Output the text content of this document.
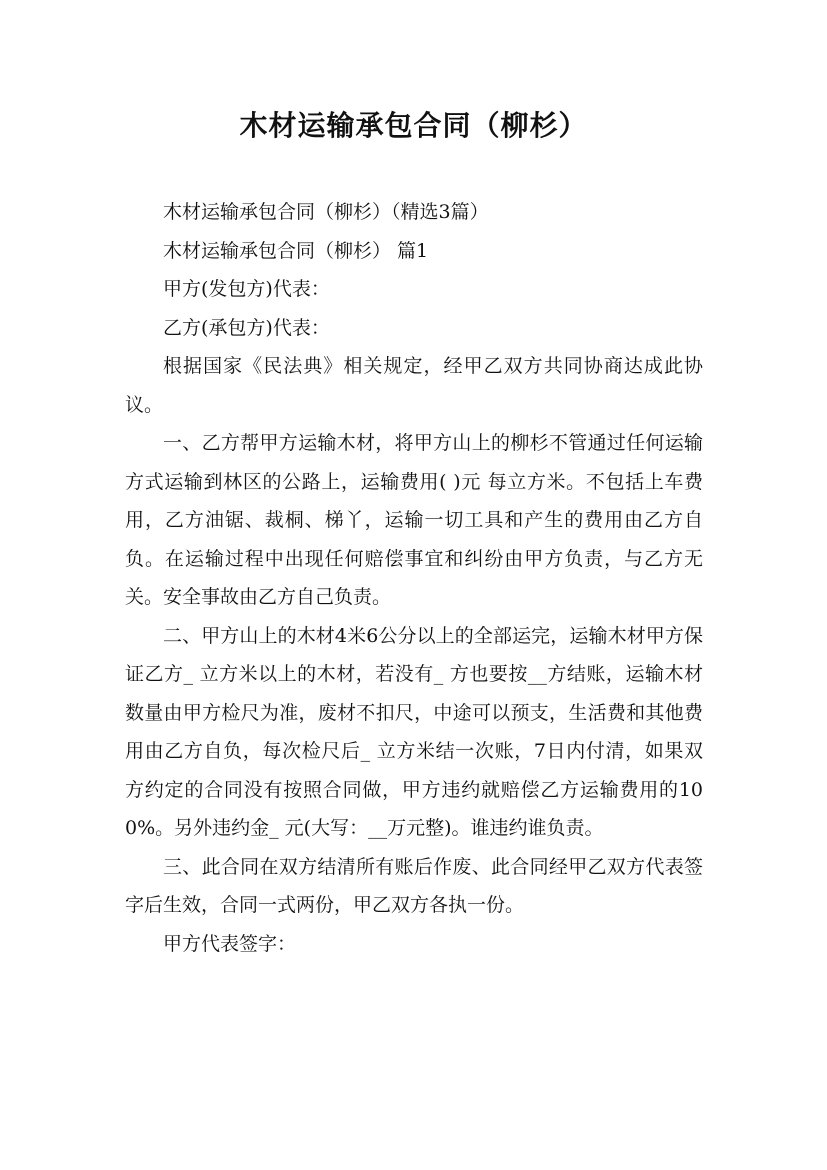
木材运输承包合同（柳杉）

木材运输承包合同（柳杉）（精选3篇）

木材运输承包合同（柳杉） 篇1

甲方(发包方)代表：

乙方(承包方)代表：

根据国家《民法典》相关规定，经甲乙双方共同协商达成此协议。

一、乙方帮甲方运输木材，将甲方山上的柳杉不管通过任何运输方式运输到林区的公路上，运输费用( )元 每立方米。不包括上车费用，乙方油锯、裁桐、梯丫，运输一切工具和产生的费用由乙方自负。在运输过程中出现任何赔偿事宜和纠纷由甲方负责，与乙方无关。安全事故由乙方自己负责。

二、甲方山上的木材4米6公分以上的全部运完，运输木材甲方保证乙方_ 立方米以上的木材，若没有_ 方也要按__方结账，运输木材数量由甲方检尺为准，废材不扣尺，中途可以预支，生活费和其他费用由乙方自负，每次检尺后_ 立方米结一次账，7日内付清，如果双方约定的合同没有按照合同做，甲方违约就赔偿乙方运输费用的100%。另外违约金_ 元(大写：__万元整)。谁违约谁负责。

三、此合同在双方结清所有账后作废、此合同经甲乙双方代表签字后生效，合同一式两份，甲乙双方各执一份。

甲方代表签字：
